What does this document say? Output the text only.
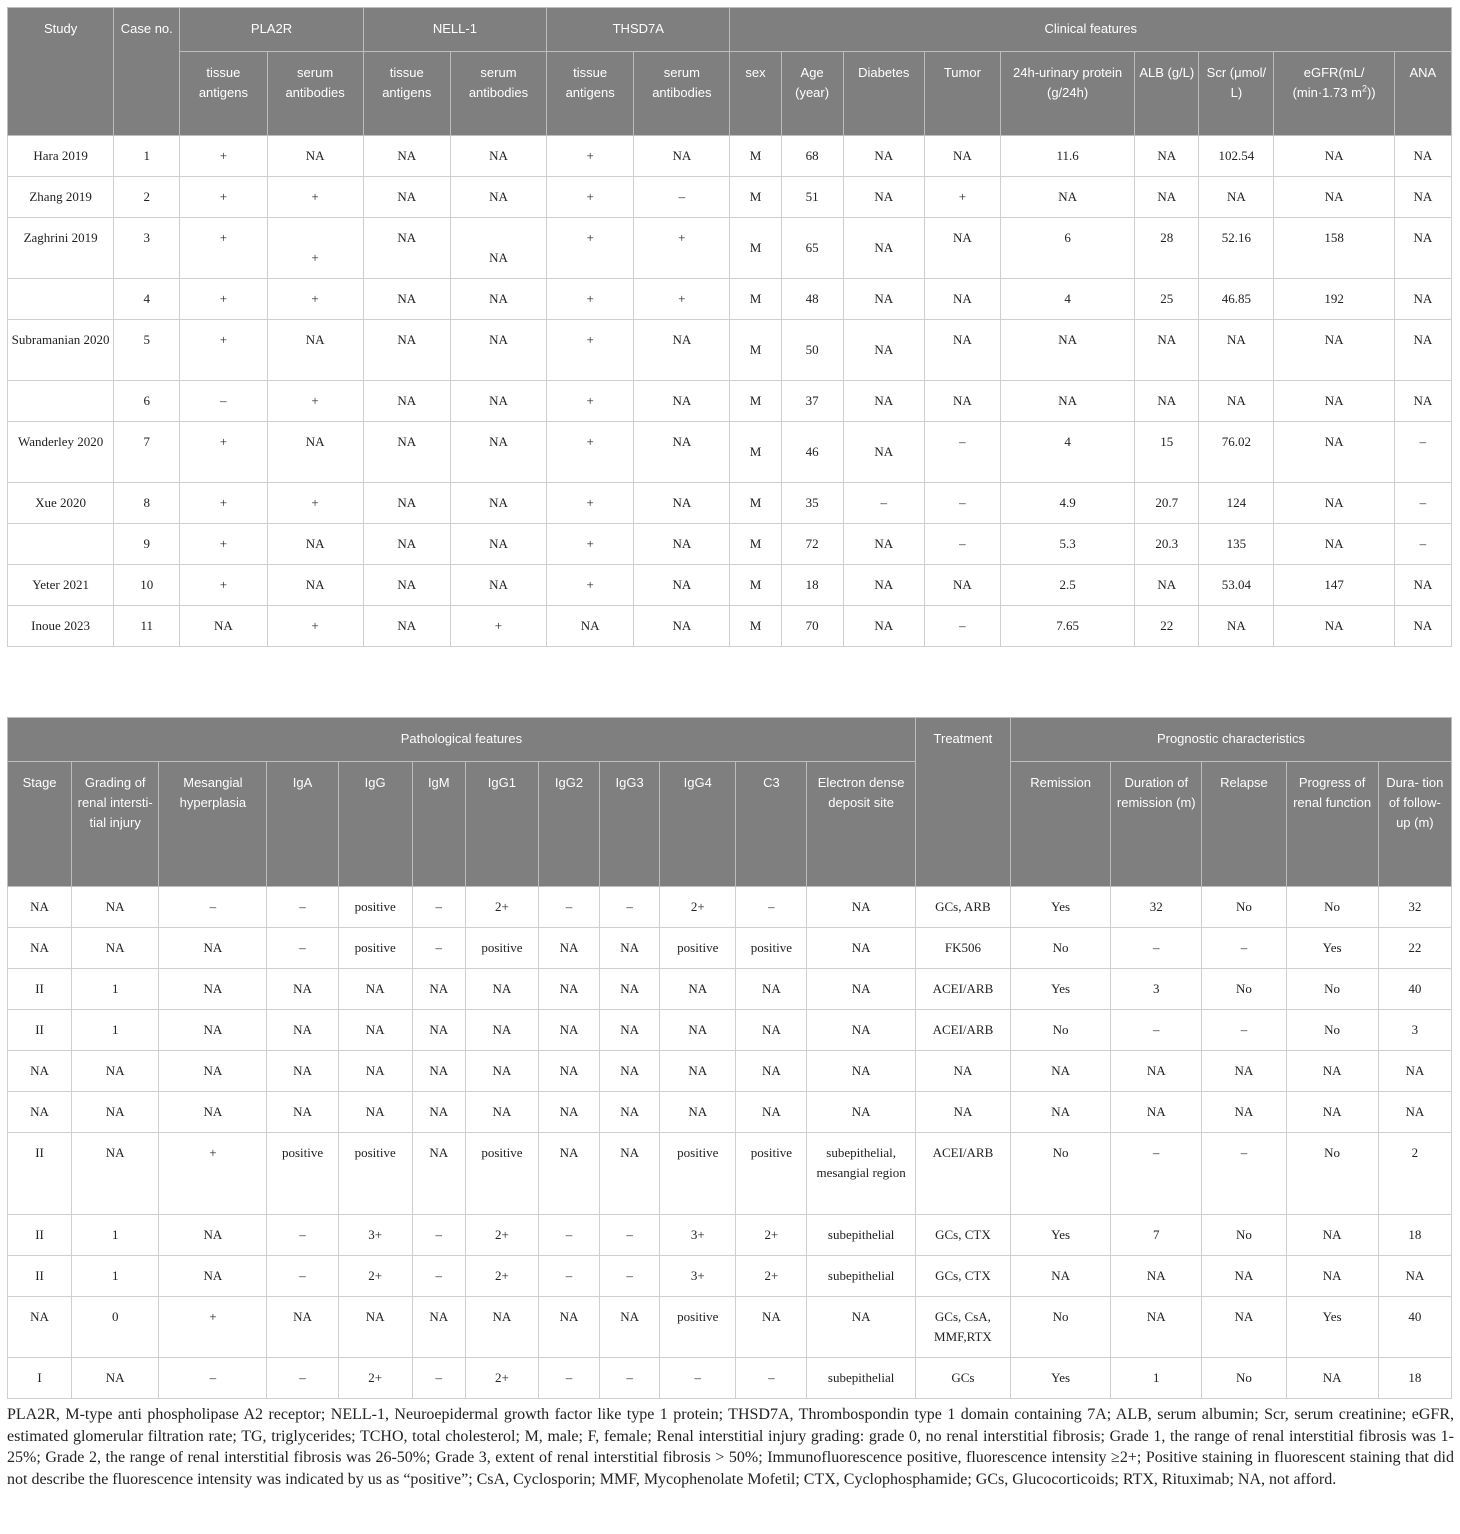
Study	Case no.	PLA2R		NELL-1		THSD7A		Clinical features								
		tissue antigens	serum antibodies	tissue antigens	serum antibodies	tissue antigens	serum antibodies	sex	Age (year)	Diabetes	Tumor	24h-urinary protein (g/24h)	ALB (g/L)	Scr (μmol/ L)	eGFR(mL/ (min·1.73 $m^2$))	ANA
Hara 2019	1	+	NA	NA	NA	+	NA	M	68	NA	NA	11.6	NA	102.54	NA	NA
Zhang 2019	2	+	+	NA	NA	+	–	M	51	NA	+	NA	NA	NA	NA	NA
Zaghrini 2019	3	+	+	NA	NA	+	+	M	65	NA	NA	6	28	52.16	158	NA
	4	+	+	NA	NA	+	+	M	48	NA	NA	4	25	46.85	192	NA
Subramanian 2020	5	+	NA	NA	NA	+	NA	M	50	NA	NA	NA	NA	NA	NA	NA
	6	–	+	NA	NA	+	NA	M	37	NA	NA	NA	NA	NA	NA	NA
Wanderley 2020	7	+	NA	NA	NA	+	NA	M	46	NA	–	4	15	76.02	NA	–
Xue 2020	8	+	+	NA	NA	+	NA	M	35	–	–	4.9	20.7	124	NA	–
	9	+	NA	NA	NA	+	NA	M	72	NA	–	5.3	20.3	135	NA	–
Yeter 2021	10	+	NA	NA	NA	+	NA	M	18	NA	NA	2.5	NA	53.04	147	NA
Inoue 2023	11	NA	+	NA	+	NA	NA	M	70	NA	–	7.65	22	NA	NA	NA
Pathological features												Treatment	Prognostic characteristics				
Stage	Grading of renal intersti- tial injury	Mesangial hyperplasia	IgA	IgG	IgM	IgG1	IgG2	IgG3	IgG4	C3	Electron dense deposit site		Remission	Duration of remission (m)	Relapse	Progress of renal function	Dura- tion of follow- up (m)
NA	NA	–	–	positive	–	2+	–	–	2+	–	NA	GCs, ARB	Yes	32	No	No	32
NA	NA	NA	–	positive	–	positive	NA	NA	positive	positive	NA	FK506	No	–	–	Yes	22
II	1	NA	NA	NA	NA	NA	NA	NA	NA	NA	NA	ACEI/ARB	Yes	3	No	No	40
II	1	NA	NA	NA	NA	NA	NA	NA	NA	NA	NA	ACEI/ARB	No	–	–	No	3
NA	NA	NA	NA	NA	NA	NA	NA	NA	NA	NA	NA	NA	NA	NA	NA	NA	NA
NA	NA	NA	NA	NA	NA	NA	NA	NA	NA	NA	NA	NA	NA	NA	NA	NA	NA
II	NA	+	positive	positive	NA	positive	NA	NA	positive	positive	subepithelial, mesangial region	ACEI/ARB	No	–	–	No	2
II	1	NA	–	3+	–	2+	–	–	3+	2+	subepithelial	GCs, CTX	Yes	7	No	NA	18
II	1	NA	–	2+	–	2+	–	–	3+	2+	subepithelial	GCs, CTX	NA	NA	NA	NA	NA
NA	0	+	NA	NA	NA	NA	NA	NA	positive	NA	NA	GCs, CsA, MMF,RTX	No	NA	NA	Yes	40
I	NA	–	–	2+	–	2+	–	–	–	–	subepithelial	GCs	Yes	1	No	NA	18

PLA2R, M-type anti phospholipase A2 receptor; NELL-1, Neuroepidermal growth factor like type 1 protein; THSD7A, Thrombospondin type 1 domain containing 7A; ALB, serum albumin; Scr, serum creatinine; eGFR, estimated glomerular filtration rate; TG, triglycerides; TCHO, total cholesterol; M, male; F, female; Renal interstitial injury grading: grade 0, no renal interstitial fibrosis; Grade 1, the range of renal interstitial fibrosis was 1-25%; Grade 2, the range of renal interstitial fibrosis was 26-50%; Grade 3, extent of renal interstitial fibrosis > 50%; Immunofluorescence positive, fluorescence intensity ≥2+; Positive staining in fluorescent staining that did not describe the fluorescence intensity was indicated by us as “positive”; CsA, Cyclosporin; MMF, Mycophenolate Mofetil; CTX, Cyclophosphamide; GCs, Glucocorticoids; RTX, Rituximab; NA, not afford.
